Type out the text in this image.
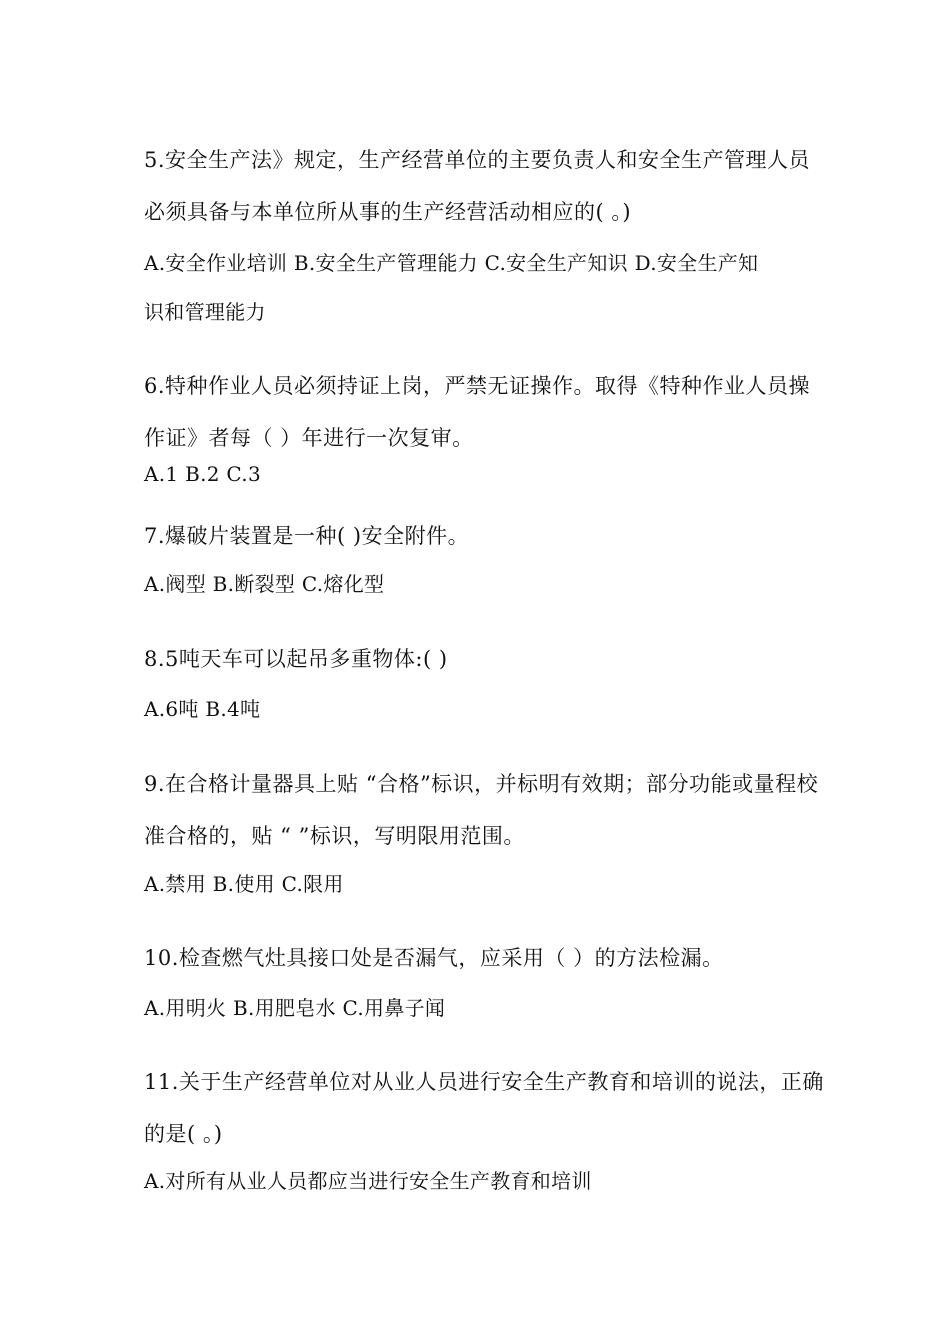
5.安全生产法》规定，生产经营单位的主要负责人和安全生产管理人员
必须具备与本单位所从事的生产经营活动相应的( 。)
A.安全作业培训 B.安全生产管理能力 C.安全生产知识 D.安全生产知
识和管理能力
6.特种作业人员必须持证上岗，严禁无证操作。取得《特种作业人员操
作证》者每（ ）年进行一次复审。
A.1 B.2 C.3
7.爆破片装置是一种( )安全附件。
A.阀型 B.断裂型 C.熔化型
8.5吨天车可以起吊多重物体:( )
A.6吨 B.4吨
9.在合格计量器具上贴 “合格”标识，并标明有效期；部分功能或量程校
准合格的，贴 “ ”标识，写明限用范围。
A.禁用 B.使用 C.限用
10.检查燃气灶具接口处是否漏气，应采用（ ）的方法检漏。
A.用明火 B.用肥皂水 C.用鼻子闻
11.关于生产经营单位对从业人员进行安全生产教育和培训的说法，正确
的是( 。)
A.对所有从业人员都应当进行安全生产教育和培训
